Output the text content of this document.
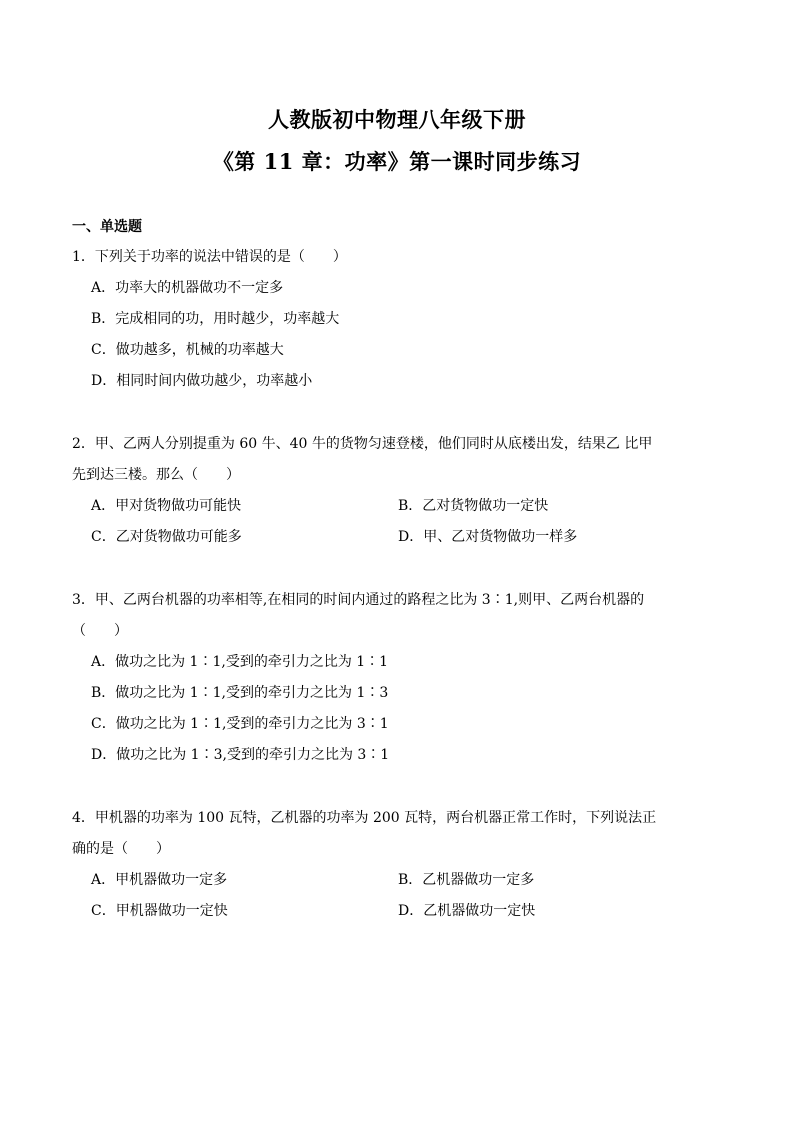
人教版初中物理八年级下册
《第 11 章：功率》第一课时同步练习
一、单选题
1．下列关于功率的说法中错误的是（　　）
A．功率大的机器做功不一定多
B．完成相同的功，用时越少，功率越大
C．做功越多，机械的功率越大
D．相同时间内做功越少，功率越小
2．甲、乙两人分别提重为 60 牛、40 牛的货物匀速登楼，他们同时从底楼出发，结果乙 比甲
先到达三楼。那么（　　）
A．甲对货物做功可能快	B．乙对货物做功一定快
C．乙对货物做功可能多	D．甲、乙对货物做功一样多
3．甲、乙两台机器的功率相等,在相同的时间内通过的路程之比为 3∶1,则甲、乙两台机器的
（　　）
A．做功之比为 1∶1,受到的牵引力之比为 1∶1
B．做功之比为 1∶1,受到的牵引力之比为 1∶3
C．做功之比为 1∶1,受到的牵引力之比为 3∶1
D．做功之比为 1∶3,受到的牵引力之比为 3∶1
4．甲机器的功率为 100 瓦特，乙机器的功率为 200 瓦特，两台机器正常工作时，下列说法正
确的是（　　）
A．甲机器做功一定多	B．乙机器做功一定多
C．甲机器做功一定快	D．乙机器做功一定快
